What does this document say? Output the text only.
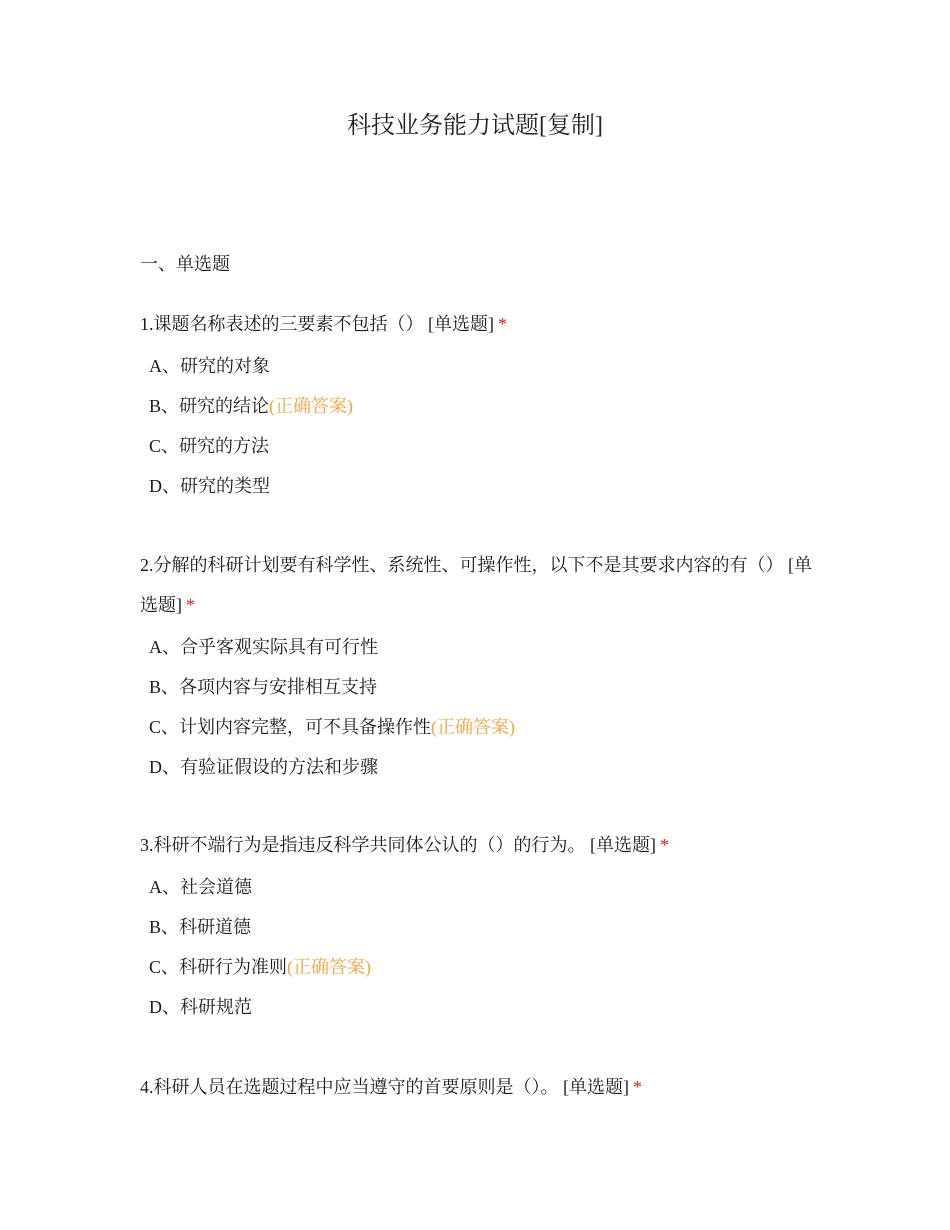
科技业务能力试题[复制]
一、单选题

1.课题名称表述的三要素不包括（） [单选题] *

A、研究的对象
B、研究的结论(正确答案)
C、研究的方法
D、研究的类型

2.分解的科研计划要有科学性、系统性、可操作性，以下不是其要求内容的有（） [单选题] *

A、合乎客观实际具有可行性
B、各项内容与安排相互支持
C、计划内容完整，可不具备操作性(正确答案)
D、有验证假设的方法和步骤

3.科研不端行为是指违反科学共同体公认的（）的行为。 [单选题] *

A、社会道德
B、科研道德
C、科研行为准则(正确答案)
D、科研规范

4.科研人员在选题过程中应当遵守的首要原则是（）。 [单选题] *
